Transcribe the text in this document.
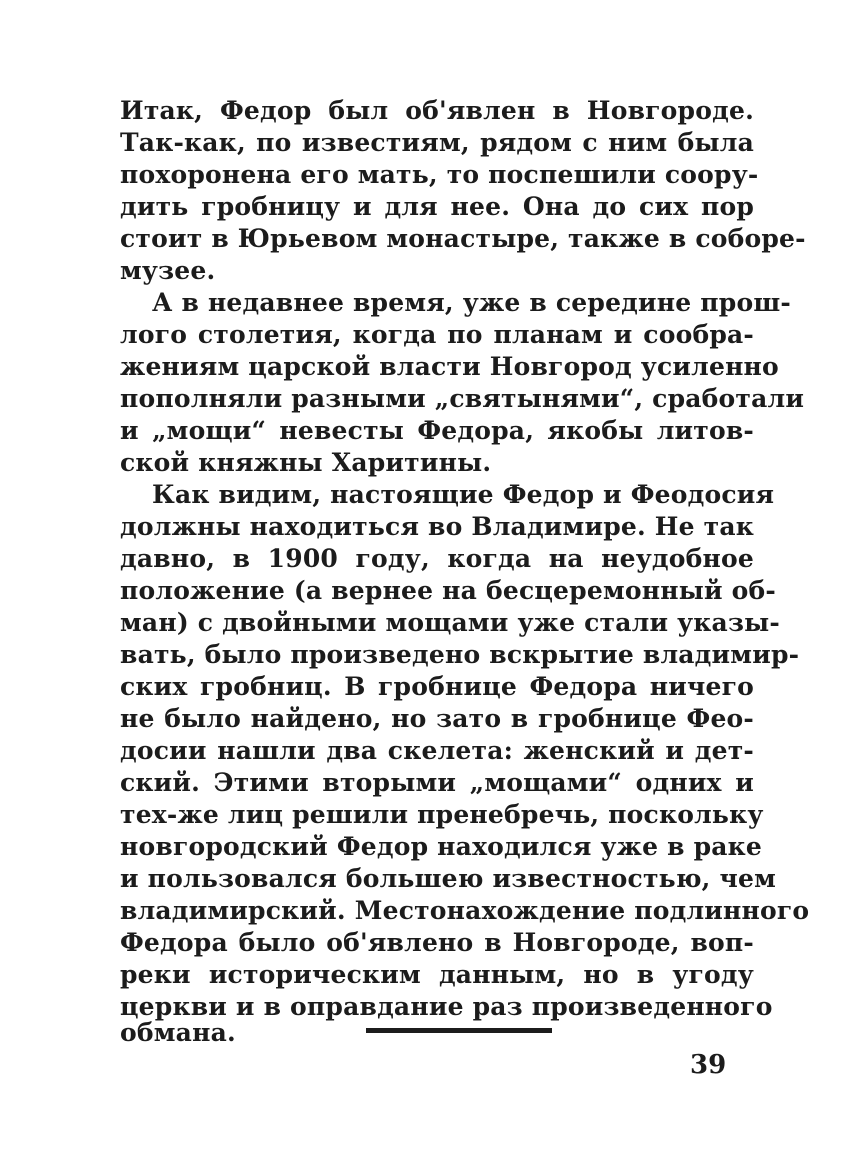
Итак, Федор был об'явлен в Новгороде.

Так-как, по известиям, рядом с ним была

похоронена его мать, то поспешили соору-

дить гробницу и для нее. Она до сих пор

стоит в Юрьевом монастыре, также в соборе-

музее.

А в недавнее время, уже в середине прош-

лого столетия, когда по планам и сообра-

жениям царской власти Новгород усиленно

пополняли разными „святынями“, сработали

и „мощи“ невесты Федора, якобы литов-

ской княжны Харитины.

Как видим, настоящие Федор и Феодосия

должны находиться во Владимире. Не так

давно, в 1900 году, когда на неудобное

положение (а вернее на бесцеремонный об-

ман) с двойными мощами уже стали указы-

вать, было произведено вскрытие владимир-

ских гробниц. В гробнице Федора ничего

не было найдено, но зато в гробнице Фео-

досии нашли два скелета: женский и дет-

ский. Этими вторыми „мощами“ одних и

тех-же лиц решили пренебречь, поскольку

новгородский Федор находился уже в раке

и пользовался большею известностью, чем

владимирский. Местонахождение подлинного

Федора было об'явлено в Новгороде, воп-

реки историческим данным, но в угоду

церкви и в оправдание раз произведенного

обмана.

39
